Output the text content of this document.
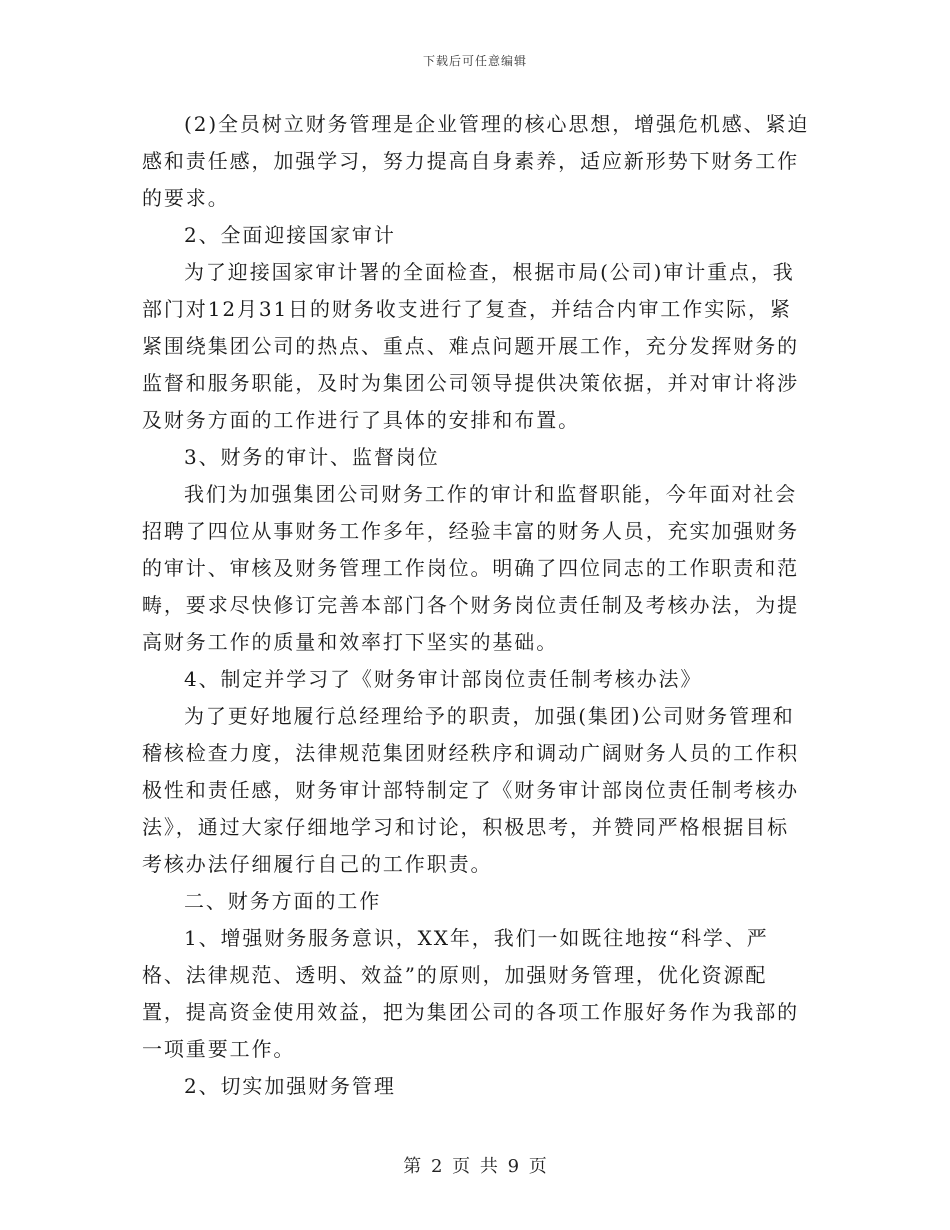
下载后可任意编辑

(2)全员树立财务管理是企业管理的核心思想，增强危机感、紧迫感和责任感，加强学习，努力提高自身素养，适应新形势下财务工作的要求。

2、全面迎接国家审计

为了迎接国家审计署的全面检查，根据市局(公司)审计重点，我部门对12月31日的财务收支进行了复查，并结合内审工作实际，紧紧围绕集团公司的热点、重点、难点问题开展工作，充分发挥财务的监督和服务职能，及时为集团公司领导提供决策依据，并对审计将涉及财务方面的工作进行了具体的安排和布置。

3、财务的审计、监督岗位

我们为加强集团公司财务工作的审计和监督职能，今年面对社会招聘了四位从事财务工作多年，经验丰富的财务人员，充实加强财务的审计、审核及财务管理工作岗位。明确了四位同志的工作职责和范畴，要求尽快修订完善本部门各个财务岗位责任制及考核办法，为提高财务工作的质量和效率打下坚实的基础。

4、制定并学习了《财务审计部岗位责任制考核办法》

为了更好地履行总经理给予的职责，加强(集团)公司财务管理和稽核检查力度，法律规范集团财经秩序和调动广阔财务人员的工作积极性和责任感，财务审计部特制定了《财务审计部岗位责任制考核办法》，通过大家仔细地学习和讨论，积极思考，并赞同严格根据目标考核办法仔细履行自己的工作职责。

二、财务方面的工作

1、增强财务服务意识，XX年，我们一如既往地按“科学、严格、法律规范、透明、效益”的原则，加强财务管理，优化资源配置，提高资金使用效益，把为集团公司的各项工作服好务作为我部的一项重要工作。

2、切实加强财务管理

第 2 页 共 9 页
